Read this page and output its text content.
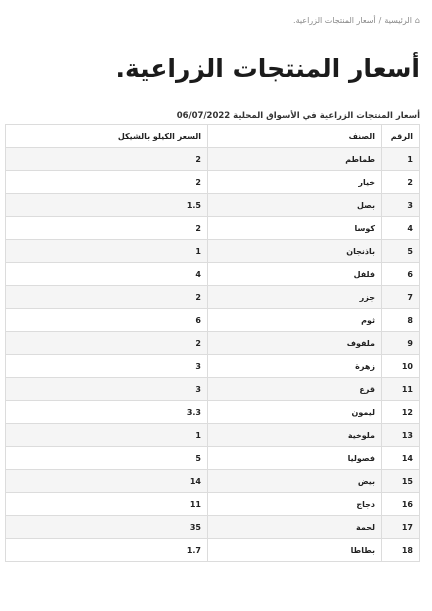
⌂
الرئيسية
/
أسعار المنتجات الزراعية.
أسعار المنتجات الزراعية.
أسعار المنتجات الزراعية في الأسواق المحلية 06/07/2022
الرقم	الصنف	السعر الكيلو بالشيكل
1	طماطم	2
2	خيار	2
3	بصل	1.5
4	كوسا	2
5	باذنجان	1
6	فلفل	4
7	جزر	2
8	ثوم	6
9	ملفوف	2
10	زهرة	3
11	قرع	3
12	ليمون	3.3
13	ملوخية	1
14	فصوليا	5
15	بيض	14
16	دجاج	11
17	لحمة	35
18	بطاطا	1.7
